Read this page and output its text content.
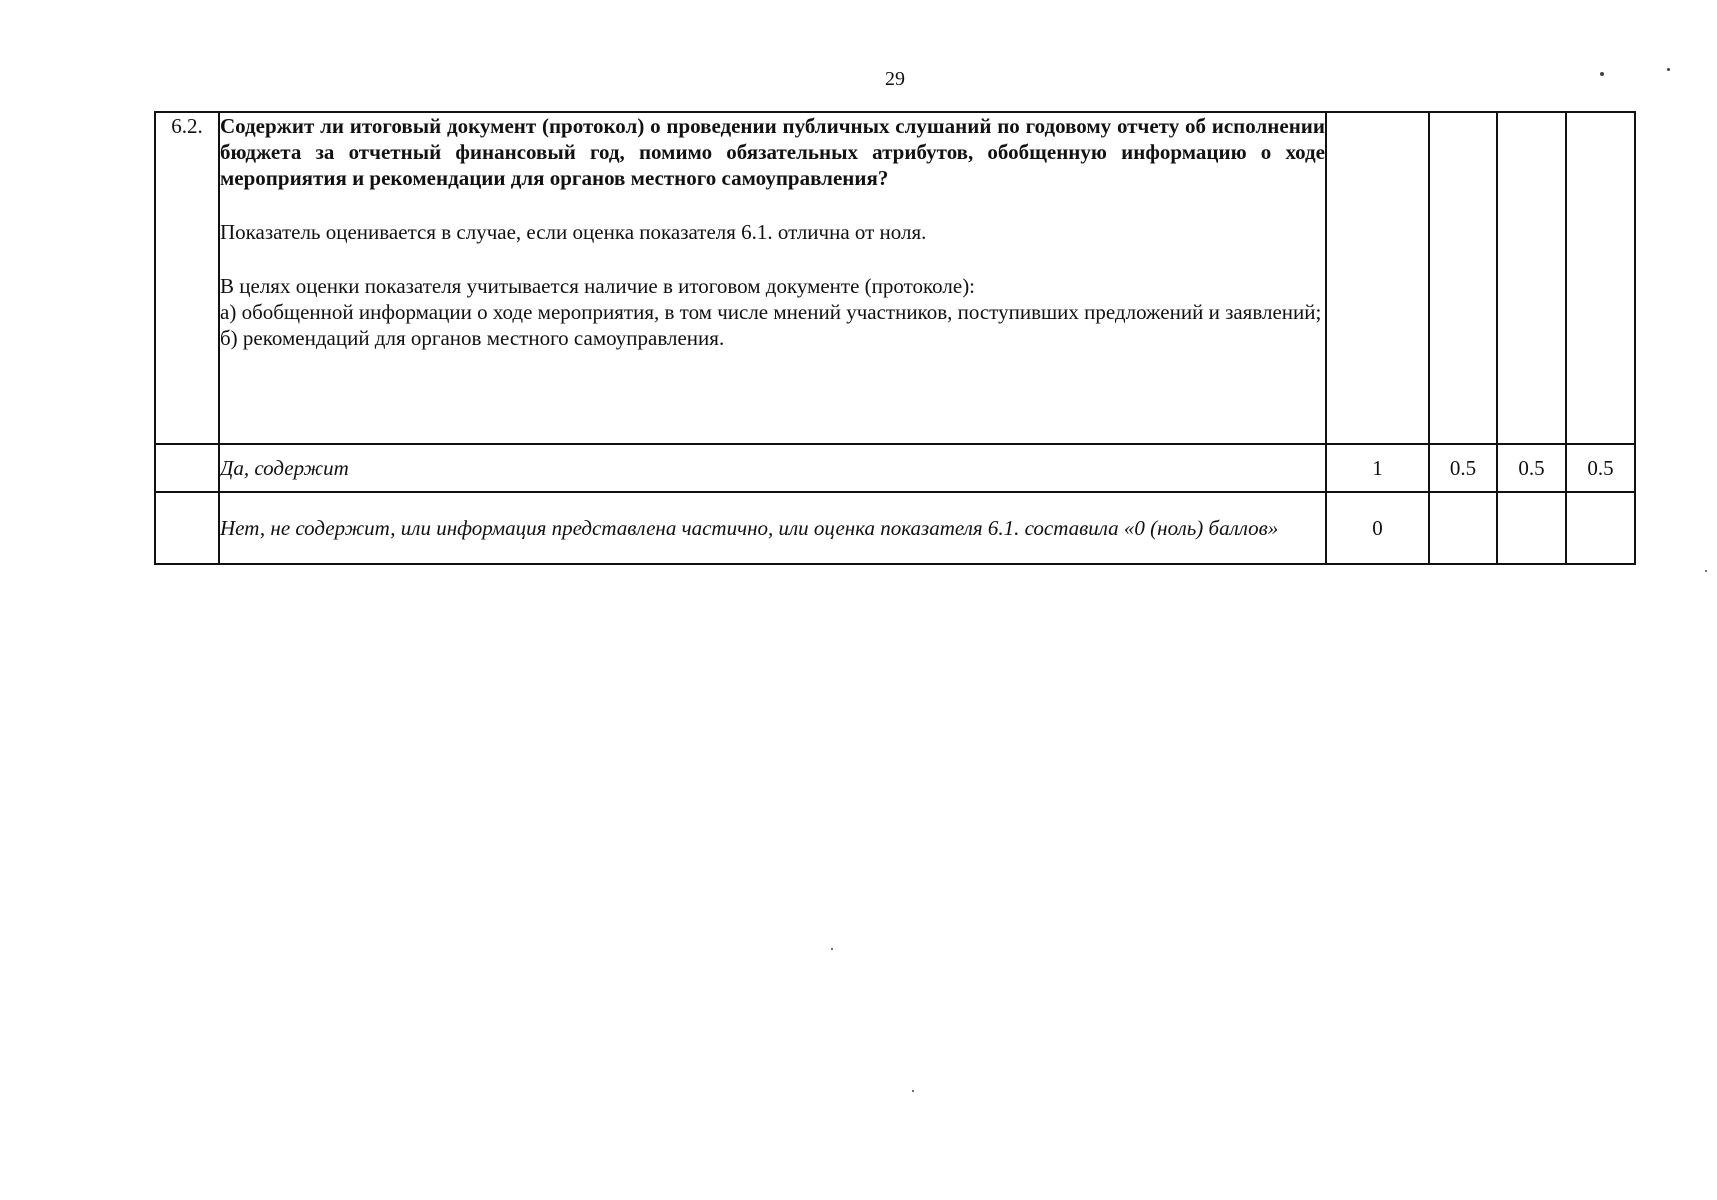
29
6.2.	Содержит ли итоговый документ (протокол) о проведении публичных слушаний по годовому отчету об исполнении бюджета за отчетный финансовый год, помимо обязательных атрибутов, обобщенную информацию о ходе мероприятия и рекомендации для органов местного самоуправления?
Показатель оценивается в случае, если оценка показателя 6.1. отлична от ноля.

В целях оценки показателя учитывается наличие в итоговом документе (протоколе):

а) обобщенной информации о ходе мероприятия, в том числе мнений участников, поступивших предложений и заявлений;

б) рекомендаций для органов местного самоуправления.				

	Да, содержит	1	0.5	0.5	0.5
	Нет, не содержит, или информация представлена частично, или оценка показателя 6.1. составила «0 (ноль) баллов»	0			
